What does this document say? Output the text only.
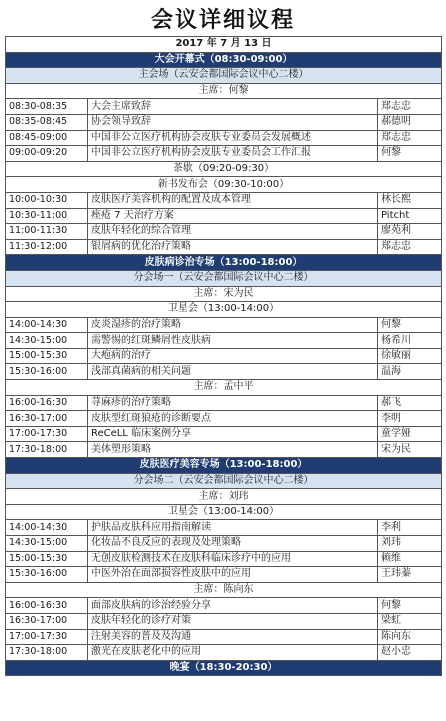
会议详细议程
2017 年 7 月 13 日		
大会开幕式（08:30-09:00）		
主会场（云安会都国际会议中心二楼）		
主席：何黎		
08:30-08:35	大会主席致辞	郑志忠
08:35-08:45	协会领导致辞	郝德明
08:45-09:00	中国非公立医疗机构协会皮肤专业委员会发展概述	郑志忠
09:00-09:20	中国非公立医疗机构协会皮肤专业委员会工作汇报	何黎
茶歇（09:20-09:30）		
新书发布会（09:30-10:00）		
10:00-10:30	皮肤医疗美容机构的配置及成本管理	林长熙
10:30-11:00	痤疮 7 天治疗方案	Pitcht
11:00-11:30	皮肤年轻化的综合管理	廖苑利
11:30-12:00	银屑病的优化治疗策略	郑志忠
皮肤病诊治专场（13:00-18:00）		
分会场一（云安会都国际会议中心二楼）		
主席：宋为民		
卫星会（13:00-14:00）		
14:00-14:30	皮炎湿疹的治疗策略	何黎
14:30-15:00	需警惕的红斑鳞屑性皮肤病	杨希川
15:00-15:30	大疱病的治疗	徐敏丽
15:30-16:00	浅部真菌病的相关问题	温海
主席：孟中平		
16:00-16:30	荨麻疹的治疗策略	郝飞
16:30-17:00	皮肤型红斑狼疮的诊断要点	李明
17:00-17:30	ReCeLL 临床案例分享	童学娅
17:30-18:00	美体塑形策略	宋为民
皮肤医疗美容专场（13:00-18:00）		
分会场二（云安会都国际会议中心二楼）		
主席：刘玮		
卫星会（13:00-14:00）		
14:00-14:30	护肤品皮肤科应用指南解读	李利
14:30-15:00	化妆品不良反应的表现及处理策略	刘玮
15:00-15:30	无创皮肤检测技术在皮肤科临床诊疗中的应用	赖维
15:30-16:00	中医外治在面部损容性皮肤中的应用	王玮蓁
主席：陈向东		
16:00-16:30	面部皮肤病的诊治经验分享	何黎
16:30-17:00	皮肤年轻化的诊疗对策	梁虹
17:00-17:30	注射美容的普及及沟通	陈向东
17:30-18:00	激光在皮肤老化中的应用	赵小忠
晚宴（18:30-20:30）		
